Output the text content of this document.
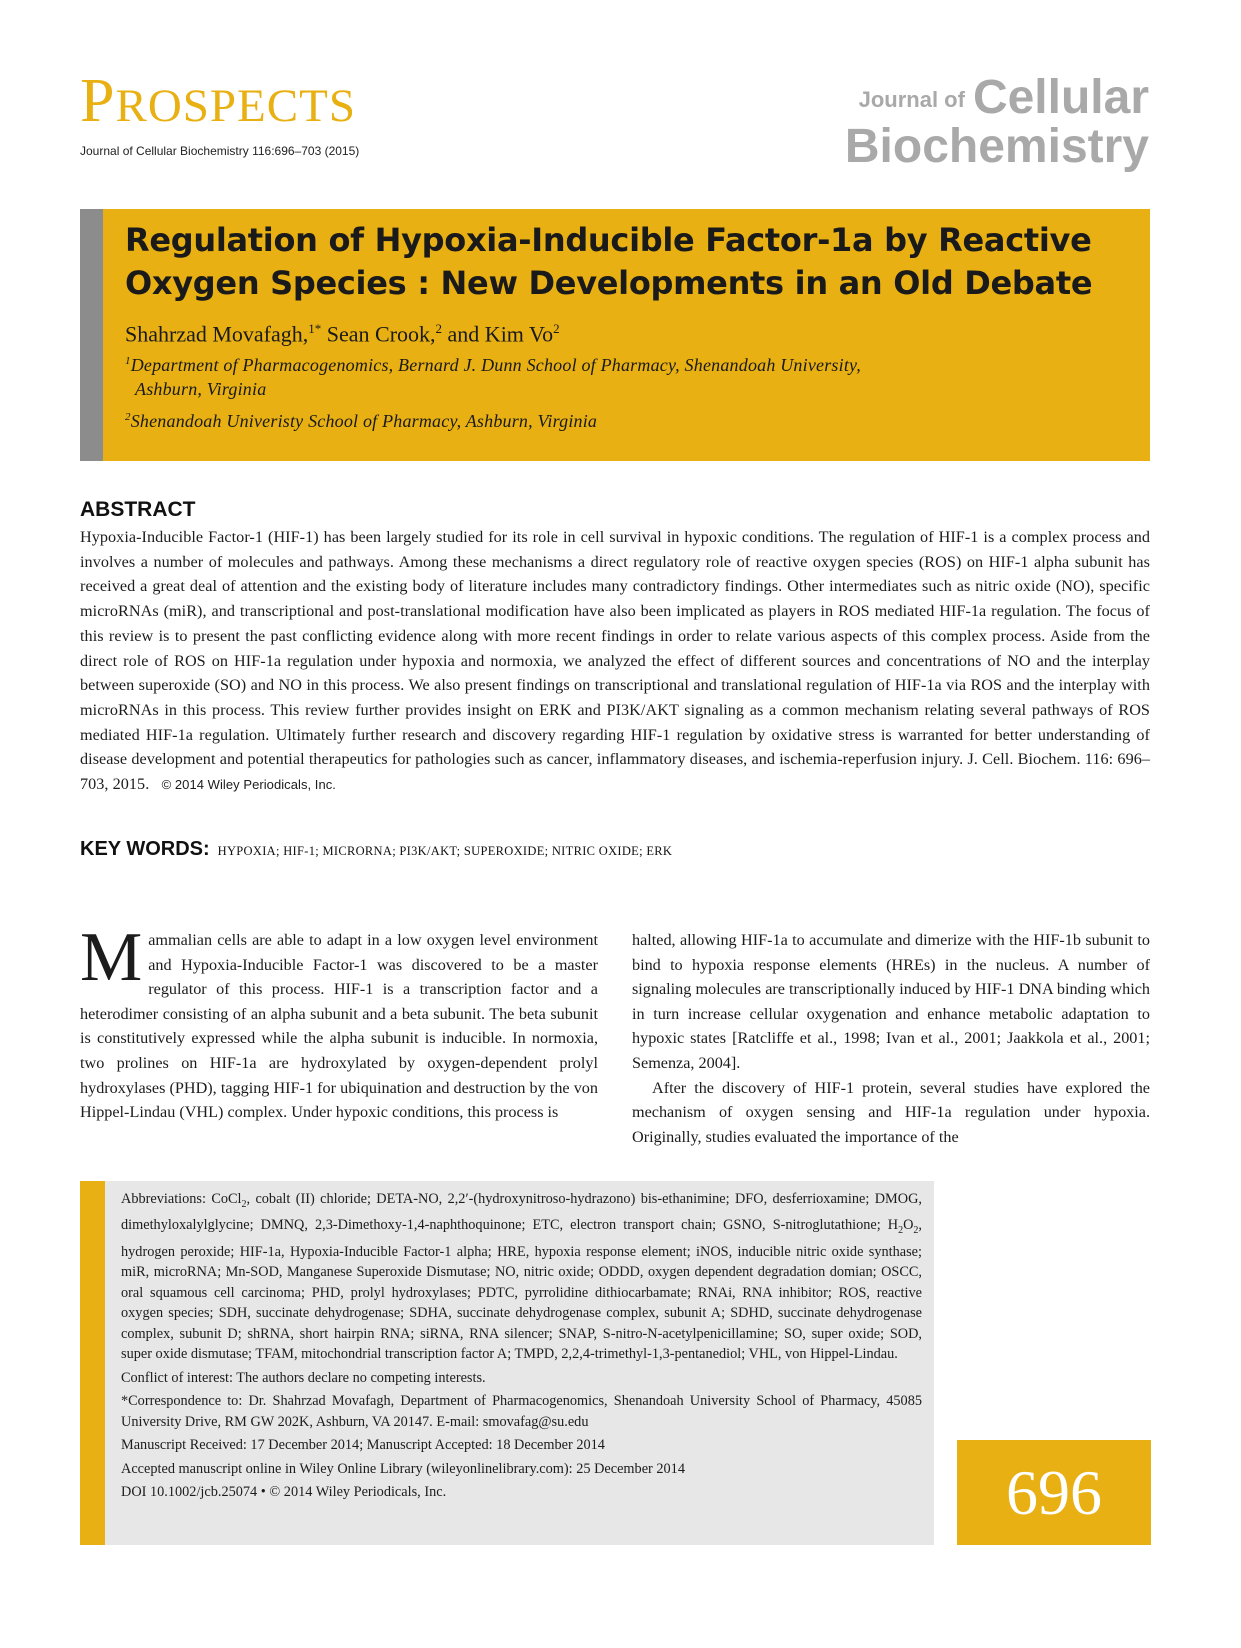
PROSPECTS
Journal of Cellular Biochemistry 116:696–703 (2015)
Journal of Cellular
Biochemistry
Regulation of Hypoxia-Inducible Factor-1a by Reactive Oxygen Species : New Developments in an Old Debate
Shahrzad Movafagh,$^{1*}$ Sean Crook,$^2$ and Kim Vo$^2$
$^1$Department of Pharmacogenomics, Bernard J. Dunn School of Pharmacy, Shenandoah University,
Ashburn, Virginia
$^2$Shenandoah Univeristy School of Pharmacy, Ashburn, Virginia
ABSTRACT
Hypoxia-Inducible Factor-1 (HIF-1) has been largely studied for its role in cell survival in hypoxic conditions. The regulation of HIF-1 is a complex process and involves a number of molecules and pathways. Among these mechanisms a direct regulatory role of reactive oxygen species (ROS) on HIF-1 alpha subunit has received a great deal of attention and the existing body of literature includes many contradictory findings. Other intermediates such as nitric oxide (NO), specific microRNAs (miR), and transcriptional and post-translational modification have also been implicated as players in ROS mediated HIF-1a regulation. The focus of this review is to present the past conflicting evidence along with more recent findings in order to relate various aspects of this complex process. Aside from the direct role of ROS on HIF-1a regulation under hypoxia and normoxia, we analyzed the effect of different sources and concentrations of NO and the interplay between superoxide (SO) and NO in this process. We also present findings on transcriptional and translational regulation of HIF-1a via ROS and the interplay with microRNAs in this process. This review further provides insight on ERK and PI3K/AKT signaling as a common mechanism relating several pathways of ROS mediated HIF-1a regulation. Ultimately further research and discovery regarding HIF-1 regulation by oxidative stress is warranted for better understanding of disease development and potential therapeutics for pathologies such as cancer, inflammatory diseases, and ischemia-reperfusion injury. J. Cell. Biochem. 116: 696–703, 2015. © 2014 Wiley Periodicals, Inc.
KEY WORDS: HYPOXIA; HIF-1; MICRORNA; PI3K/AKT; SUPEROXIDE; NITRIC OXIDE; ERK

Mammalian cells are able to adapt in a low oxygen level environment and Hypoxia-Inducible Factor-1 was discovered to be a master regulator of this process. HIF-1 is a transcription factor and a heterodimer consisting of an alpha subunit and a beta subunit. The beta subunit is constitutively expressed while the alpha subunit is inducible. In normoxia, two prolines on HIF-1a are hydroxylated by oxygen-dependent prolyl hydroxylases (PHD), tagging HIF-1 for ubiquination and destruction by the von Hippel-Lindau (VHL) complex. Under hypoxic conditions, this process is

halted, allowing HIF-1a to accumulate and dimerize with the HIF-1b subunit to bind to hypoxia response elements (HREs) in the nucleus. A number of signaling molecules are transcriptionally induced by HIF-1 DNA binding which in turn increase cellular oxygenation and enhance metabolic adaptation to hypoxic states [Ratcliffe et al., 1998; Ivan et al., 2001; Jaakkola et al., 2001; Semenza, 2004].

After the discovery of HIF-1 protein, several studies have explored the mechanism of oxygen sensing and HIF-1a regulation under hypoxia. Originally, studies evaluated the importance of the

Abbreviations: CoCl$_2$, cobalt (II) chloride; DETA-NO, 2,2′-(hydroxynitroso-hydrazono) bis-ethanimine; DFO, desferrioxamine; DMOG, dimethyloxalylglycine; DMNQ, 2,3-Dimethoxy-1,4-naphthoquinone; ETC, electron transport chain; GSNO, S-nitroglutathione; $H_2O_2$, hydrogen peroxide; HIF-1a, Hypoxia-Inducible Factor-1 alpha; HRE, hypoxia response element; iNOS, inducible nitric oxide synthase; miR, microRNA; Mn-SOD, Manganese Superoxide Dismutase; NO, nitric oxide; ODDD, oxygen dependent degradation domian; OSCC, oral squamous cell carcinoma; PHD, prolyl hydroxylases; PDTC, pyrrolidine dithiocarbamate; RNAi, RNA inhibitor; ROS, reactive oxygen species; SDH, succinate dehydrogenase; SDHA, succinate dehydrogenase complex, subunit A; SDHD, succinate dehydrogenase complex, subunit D; shRNA, short hairpin RNA; siRNA, RNA silencer; SNAP, S-nitro-N-acetylpenicillamine; SO, super oxide; SOD, super oxide dismutase; TFAM, mitochondrial transcription factor A; TMPD, 2,2,4-trimethyl-1,3-pentanediol; VHL, von Hippel-Lindau.

Conflict of interest: The authors declare no competing interests.

*Correspondence to: Dr. Shahrzad Movafagh, Department of Pharmacogenomics, Shenandoah University School of Pharmacy, 45085 University Drive, RM GW 202K, Ashburn, VA 20147. E-mail: smovafag@su.edu

Manuscript Received: 17 December 2014; Manuscript Accepted: 18 December 2014

Accepted manuscript online in Wiley Online Library (wileyonlinelibrary.com): 25 December 2014

DOI 10.1002/jcb.25074 • © 2014 Wiley Periodicals, Inc.	696
